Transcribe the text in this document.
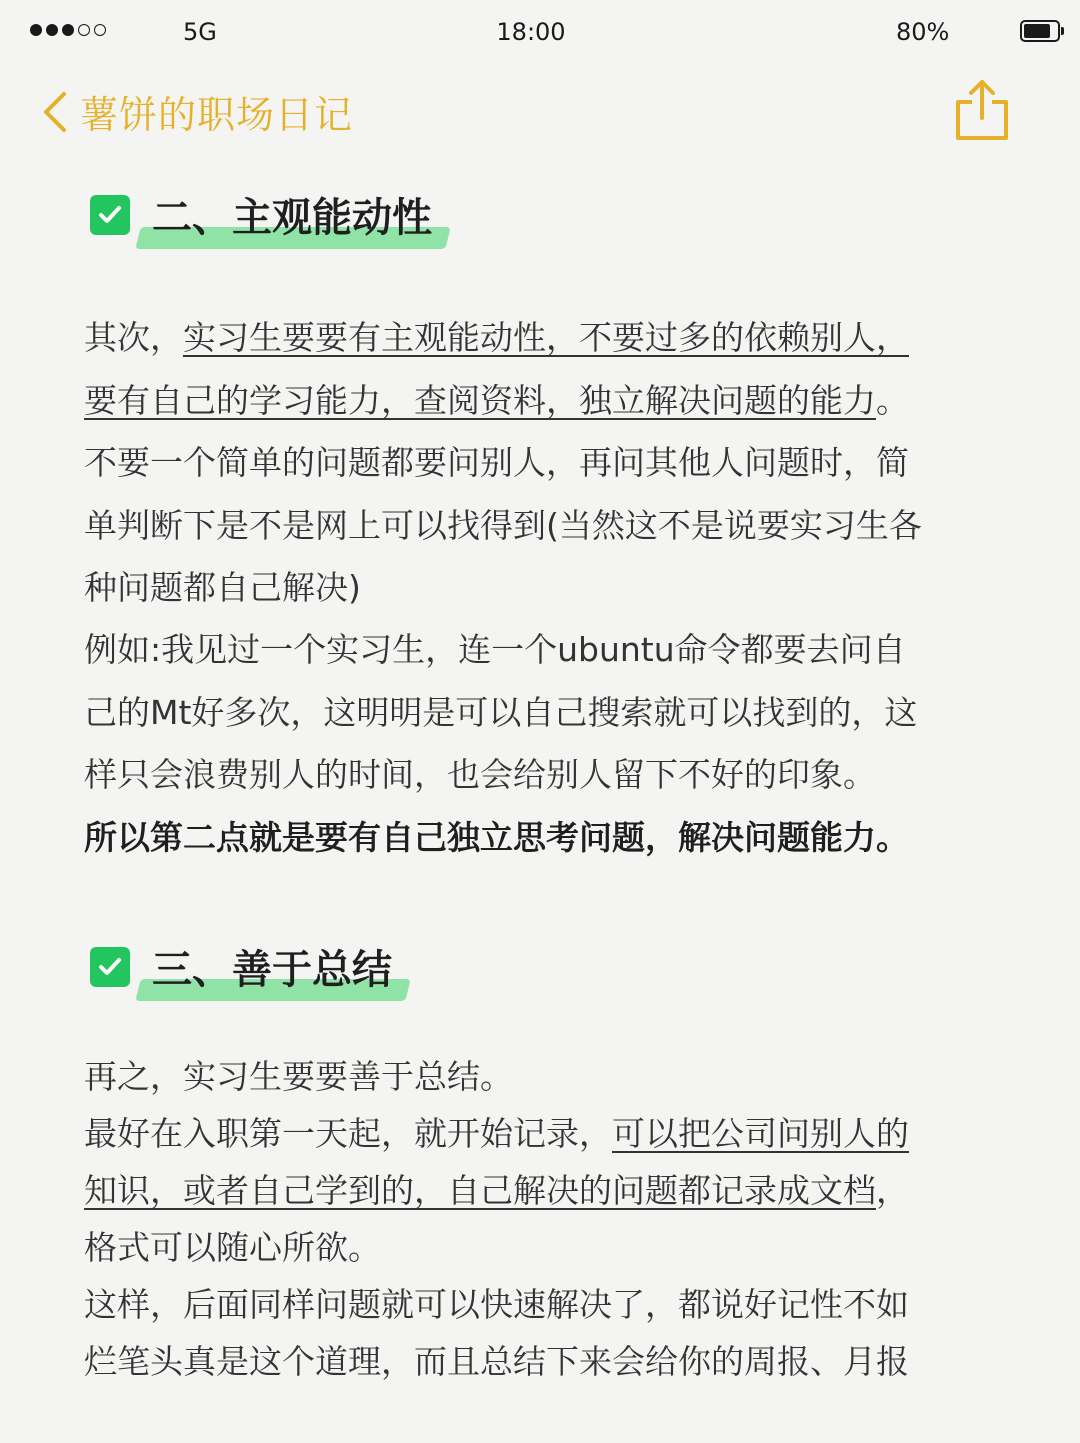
5G	18:00	80%
薯饼的职场日记
二、主观能动性
其次，实习生要要有主观能动性，不要过多的依赖别人，
要有自己的学习能力，查阅资料，独立解决问题的能力。
不要一个简单的问题都要问别人，再问其他人问题时，简
单判断下是不是网上可以找得到(当然这不是说要实习生各
种问题都自己解决)
例如:我见过一个实习生，连一个ubuntu命令都要去问自
己的Mt好多次，这明明是可以自己搜索就可以找到的，这
样只会浪费别人的时间，也会给别人留下不好的印象。
所以第二点就是要有自己独立思考问题，解决问题能力。
三、善于总结
再之，实习生要要善于总结。
最好在入职第一天起，就开始记录，可以把公司问别人的
知识，或者自己学到的，自己解决的问题都记录成文档，
格式可以随心所欲。
这样，后面同样问题就可以快速解决了，都说好记性不如
烂笔头真是这个道理，而且总结下来会给你的周报、月报
